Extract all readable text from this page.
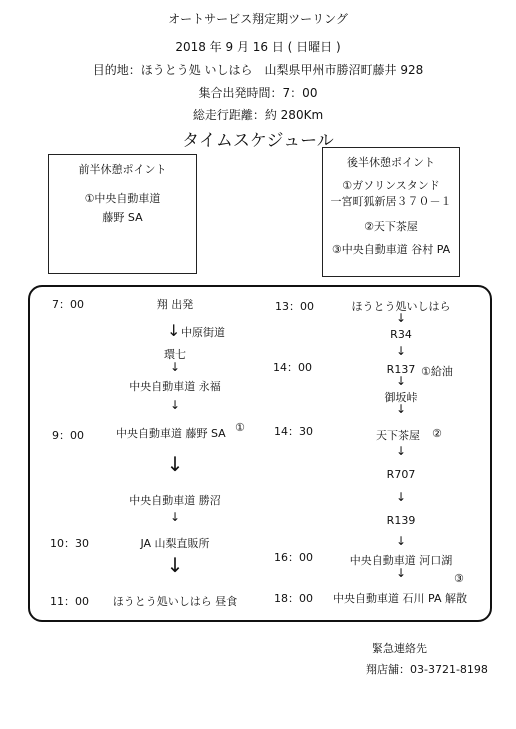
オートサービス翔定期ツーリング
2018 年 9 月 16 日 ( 日曜日 )
目的地：ほうとう処 いしはら　山梨県甲州市勝沼町藤井 928
集合出発時間：7：00
総走行距離：約 280Km
タイムスケジュール
前半休憩ポイント
①中央自動車道
藤野 SA
後半休憩ポイント
①ガソリンスタンド
一宮町狐新居３７０－１
②天下茶屋
③中央自動車道 谷村 PA
7：00	翔 出発
↓ 中原街道
環七
↓
中央自動車道 永福
↓
9：00	中央自動車道 藤野 SA ①
↓
中央自動車道 勝沼
↓
10：30	JA 山梨直販所
↓
11：00 ほうとう処いしはら 昼食
13：00	ほうとう処いしはら
↓
R34
↓
14：00	R137 ①給油
↓
御坂峠
↓
14：30	天下茶屋 ②
↓
R707
↓
R139
↓
16：00	中央自動車道 河口湖
↓	③
18：00 中央自動車道 石川 PA 解散
緊急連絡先
翔店舗：03-3721-8198
